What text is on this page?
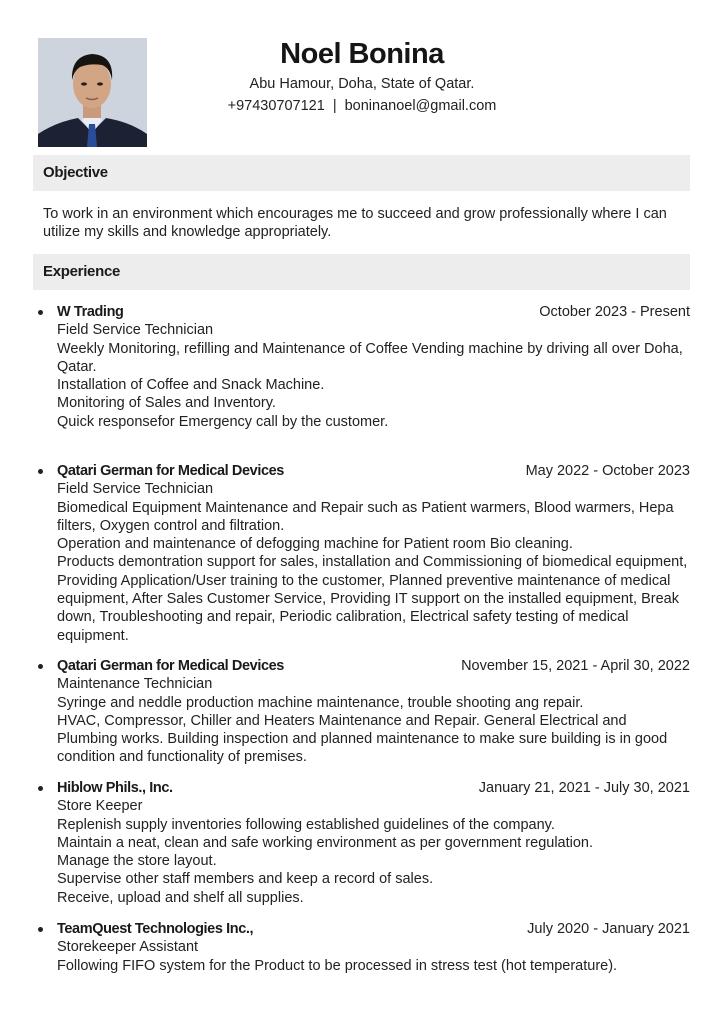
Noel Bonina
Abu Hamour, Doha, State of Qatar.
+97430707121 | boninanoel@gmail.com
Objective
To work in an environment which encourages me to succeed and grow professionally where I can utilize my skills and knowledge appropriately.
Experience
W Trading	October 2023 - Present
Field Service Technician
Weekly Monitoring, refilling and Maintenance of Coffee Vending machine by driving all over Doha, Qatar.
Installation of Coffee and Snack Machine.
Monitoring of Sales and Inventory.
Quick responsefor Emergency call by the customer.
Qatari German for Medical Devices	May 2022 - October 2023
Field Service Technician
Biomedical Equipment Maintenance and Repair such as Patient warmers, Blood warmers, Hepa filters, Oxygen control and filtration.
Operation and maintenance of defogging machine for Patient room Bio cleaning.
Products demontration support for sales, installation and Commissioning of biomedical equipment, Providing Application/User training to the customer, Planned preventive maintenance of medical equipment, After Sales Customer Service, Providing IT support on the installed equipment, Break down, Troubleshooting and repair, Periodic calibration, Electrical safety testing of medical equipment.
Qatari German for Medical Devices	November 15, 2021 - April 30, 2022
Maintenance Technician
Syringe and neddle production machine maintenance, trouble shooting ang repair.
HVAC, Compressor, Chiller and Heaters Maintenance and Repair. General Electrical and Plumbing works. Building inspection and planned maintenance to make sure building is in good condition and functionality of premises.
Hiblow Phils., Inc.	January 21, 2021 - July 30, 2021
Store Keeper
Replenish supply inventories following established guidelines of the company.
Maintain a neat, clean and safe working environment as per government regulation.
Manage the store layout.
Supervise other staff members and keep a record of sales.
Receive, upload and shelf all supplies.
TeamQuest Technologies Inc.,	July 2020 - January 2021
Storekeeper Assistant
Following FIFO system for the Product to be processed in stress test (hot temperature).
